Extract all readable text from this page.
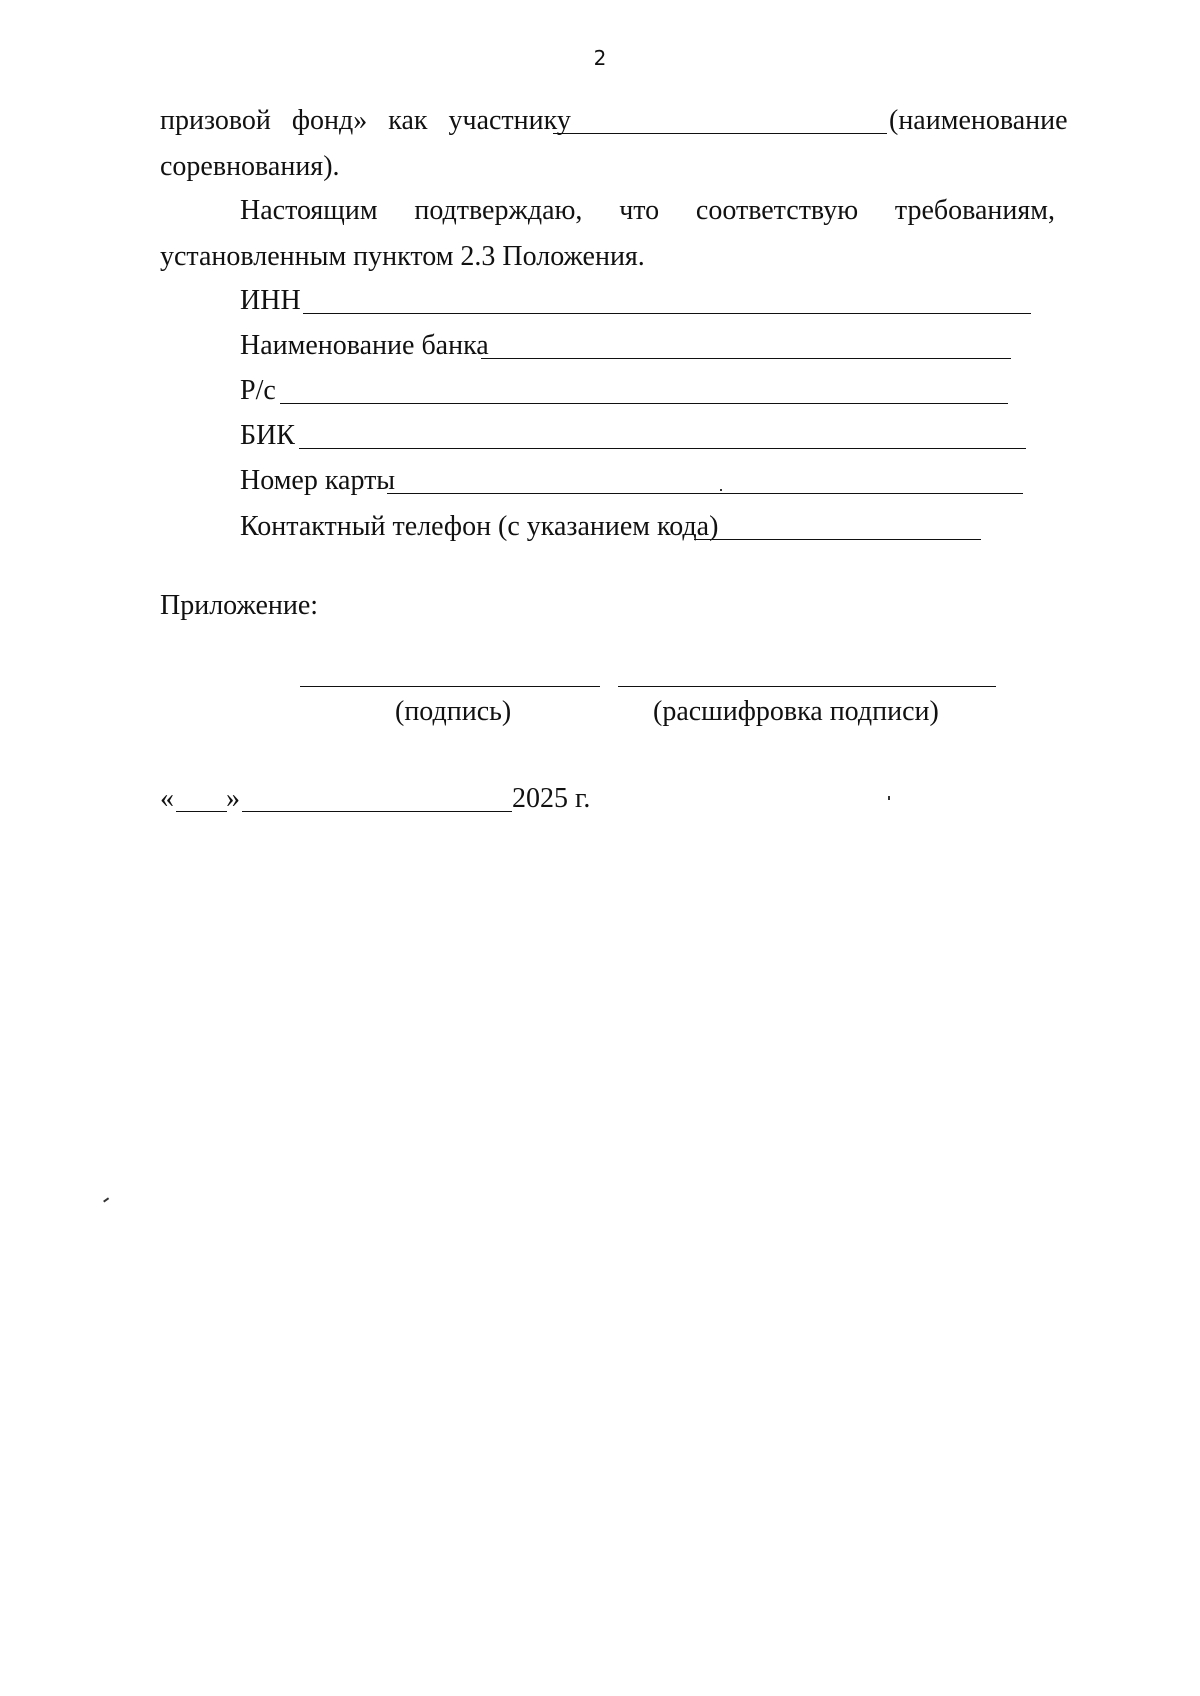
2
призовой фонд» как участнику	(наименование
соревнования).
Настоящим подтверждаю, что соответствую требованиям,
установленным пунктом 2.3 Положения.
ИНН
Наименование банка
Р/с
БИК
Номер карты
Контактный телефон (с указанием кода)
Приложение:
(подпись)	(расшифровка подписи)
« »	2025 г.
